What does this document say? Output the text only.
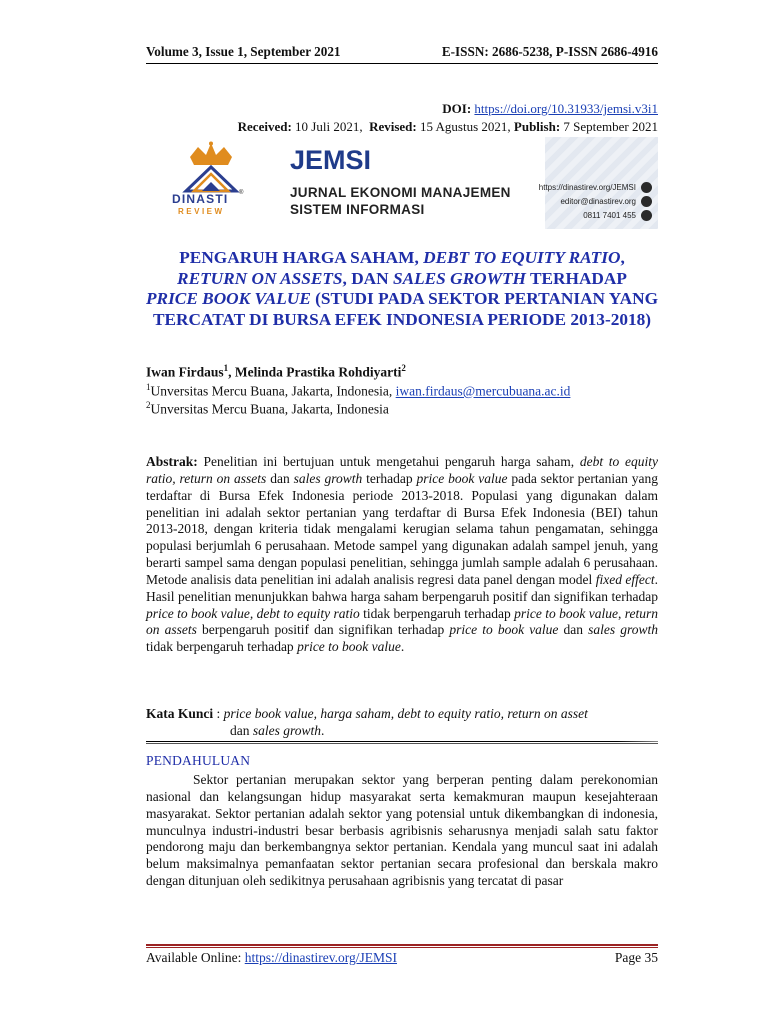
Volume 3, Issue 1, September 2021	E-ISSN: 2686-5238, P-ISSN 2686-4916
DOI: https://doi.org/10.31933/jemsi.v3i1
Received: 10 Juli 2021, Revised: 15 Agustus 2021, Publish: 7 September 2021
DINASTI ®
REVIEW
JEMSI
JURNAL EKONOMI MANAJEMEN
SISTEM INFORMASI
https://dinastirev.org/JEMSI
editor@dinastirev.org
0811 7401 455
PENGARUH HARGA SAHAM, DEBT TO EQUITY RATIO,
RETURN ON ASSETS, DAN SALES GROWTH TERHADAP
PRICE BOOK VALUE (STUDI PADA SEKTOR PERTANIAN YANG TERCATAT DI BURSA EFEK INDONESIA PERIODE 2013-2018)
Iwan Firdaus$^1$, Melinda Prastika Rohdiyarti$^2$
$^1$Unversitas Mercu Buana, Jakarta, Indonesia, iwan.firdaus@mercubuana.ac.id
$^2$Unversitas Mercu Buana, Jakarta, Indonesia
Abstrak: Penelitian ini bertujuan untuk mengetahui pengaruh harga saham, debt to equity ratio, return on assets dan sales growth terhadap price book value pada sektor pertanian yang terdaftar di Bursa Efek Indonesia periode 2013-2018. Populasi yang digunakan dalam penelitian ini adalah sektor pertanian yang terdaftar di Bursa Efek Indonesia (BEI) tahun 2013-2018, dengan kriteria tidak mengalami kerugian selama tahun pengamatan, sehingga populasi berjumlah 6 perusahaan. Metode sampel yang digunakan adalah sampel jenuh, yang berarti sampel sama dengan populasi penelitian, sehingga jumlah sample adalah 6 perusahaan. Metode analisis data penelitian ini adalah analisis regresi data panel dengan model fixed effect. Hasil penelitian menunjukkan bahwa harga saham berpengaruh positif dan signifikan terhadap price to book value, debt to equity ratio tidak berpengaruh terhadap price to book value, return on assets berpengaruh positif dan signifikan terhadap price to book value dan sales growth tidak berpengaruh terhadap price to book value.
Kata Kunci : price book value, harga saham, debt to equity ratio, return on asset
dan sales growth.
PENDAHULUAN
Sektor pertanian merupakan sektor yang berperan penting dalam perekonomian nasional dan kelangsungan hidup masyarakat serta kemakmuran maupun kesejahteraan masyarakat. Sektor pertanian adalah sektor yang potensial untuk dikembangkan di indonesia, munculnya industri-industri besar berbasis agribisnis seharusnya menjadi salah satu faktor pendorong maju dan berkembangnya sektor pertanian. Kendala yang muncul saat ini adalah belum maksimalnya pemanfaatan sektor pertanian secara profesional dan berskala makro dengan ditunjuan oleh sedikitnya perusahaan agribisnis yang tercatat di pasar
Available Online: https://dinastirev.org/JEMSI	Page 35
